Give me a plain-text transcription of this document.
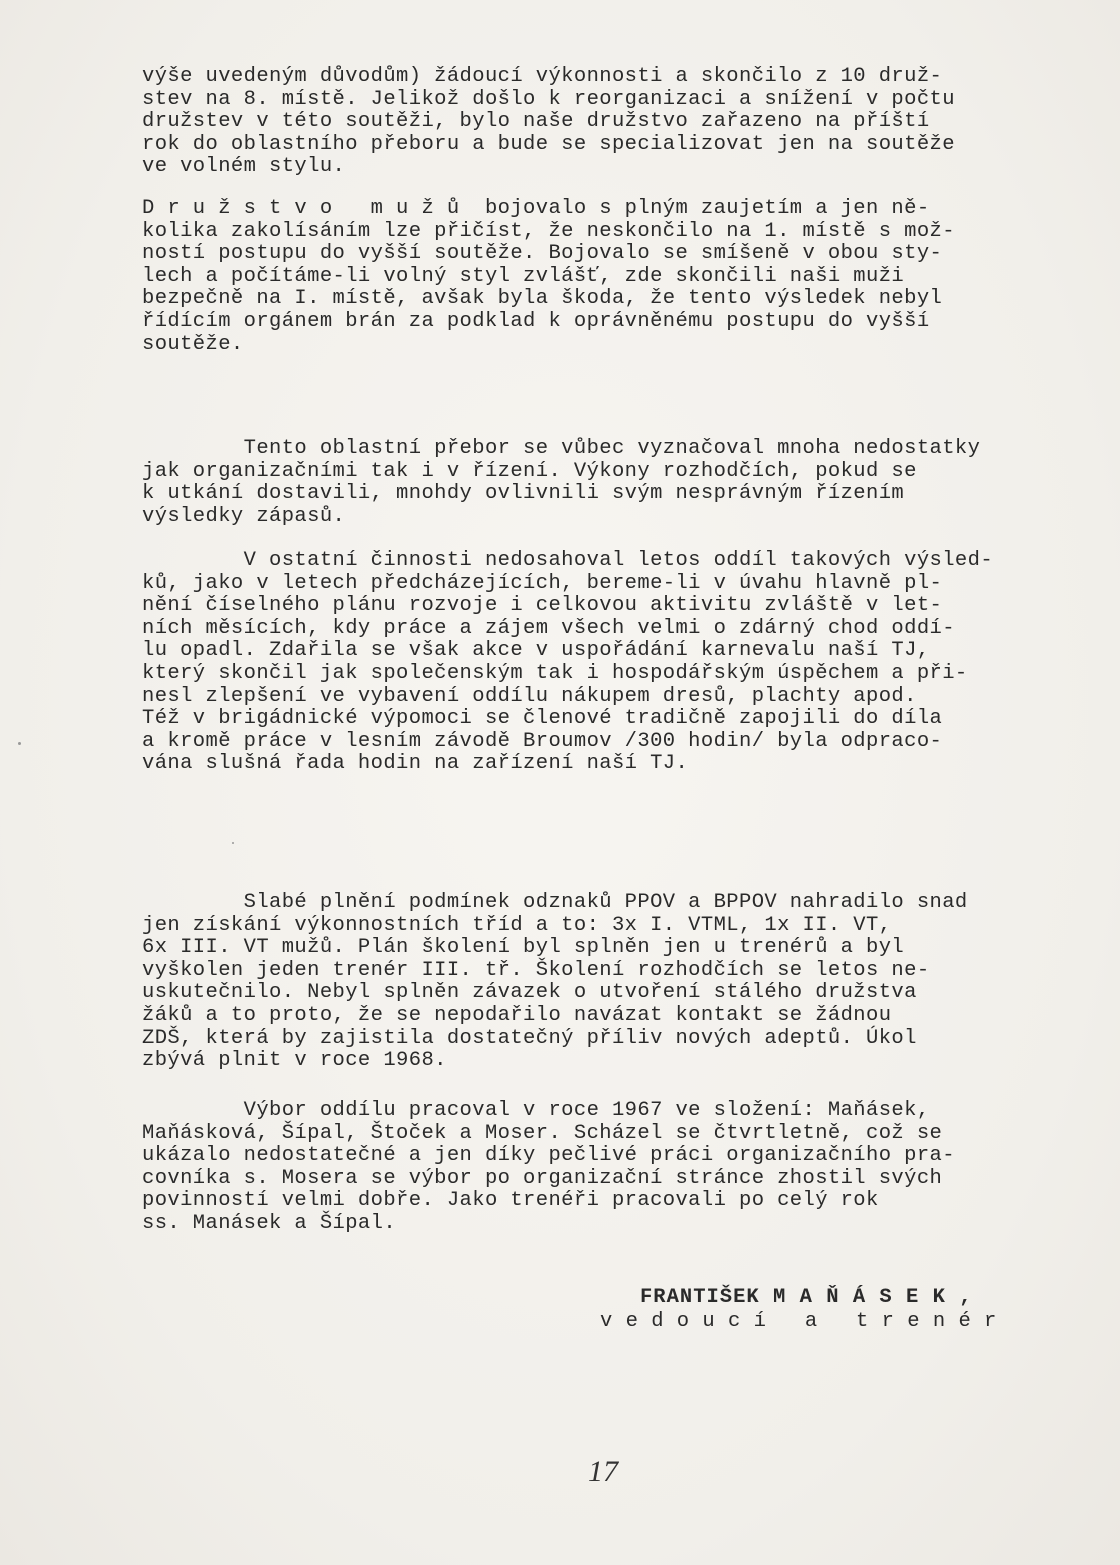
výše uvedeným důvodům) žádoucí výkonnosti a skončilo z 10 druž-
stev na 8. místě. Jelikož došlo k reorganizaci a snížení v počtu
družstev v této soutěži, bylo naše družstvo zařazeno na příští
rok do oblastního přeboru a bude se specializovat jen na soutěže
ve volném stylu.
D r u ž s t v o   m u ž ů  bojovalo s plným zaujetím a jen ně-
kolika zakolísáním lze přičíst, že neskončilo na 1. místě s mož-
ností postupu do vyšší soutěže. Bojovalo se smíšeně v obou sty-
lech a počítáme-li volný styl zvlášť, zde skončili naši muži
bezpečně na I. místě, avšak byla škoda, že tento výsledek nebyl
řídícím orgánem brán za podklad k oprávněnému postupu do vyšší
soutěže.
Tento oblastní přebor se vůbec vyznačoval mnoha nedostatky
jak organizačními tak i v řízení. Výkony rozhodčích, pokud se
k utkání dostavili, mnohdy ovlivnili svým nesprávným řízením
výsledky zápasů.
V ostatní činnosti nedosahoval letos oddíl takových výsled-
ků, jako v letech předcházejících, bereme-li v úvahu hlavně pl-
nění číselného plánu rozvoje i celkovou aktivitu zvláště v let-
ních měsících, kdy práce a zájem všech velmi o zdárný chod oddí-
lu opadl. Zdařila se však akce v uspořádání karnevalu naší TJ,
který skončil jak společenským tak i hospodářským úspěchem a při-
nesl zlepšení ve vybavení oddílu nákupem dresů, plachty apod.
Též v brigádnické výpomoci se členové tradičně zapojili do díla
a kromě práce v lesním závodě Broumov /300 hodin/ byla odpraco-
vána slušná řada hodin na zařízení naší TJ.
Slabé plnění podmínek odznaků PPOV a BPPOV nahradilo snad
jen získání výkonnostních tříd a to: 3x I. VTML, 1x II. VT,
6x III. VT mužů. Plán školení byl splněn jen u trenérů a byl
vyškolen jeden trenér III. tř. Školení rozhodčích se letos ne-
uskutečnilo. Nebyl splněn závazek o utvoření stálého družstva
žáků a to proto, že se nepodařilo navázat kontakt se žádnou
ZDŠ, která by zajistila dostatečný příliv nových adeptů. Úkol
zbývá plnit v roce 1968.
Výbor oddílu pracoval v roce 1967 ve složení: Maňásek,
Maňásková, Šípal, Štoček a Moser. Scházel se čtvrtletně, což se
ukázalo nedostatečné a jen díky pečlivé práci organizačního pra-
covníka s. Mosera se výbor po organizační stránce zhostil svých
povinností velmi dobře. Jako trenéři pracovali po celý rok
ss. Manásek a Šípal.
FRANTIŠEK M A Ň Á S E K ,
v e d o u c í   a   t r e n é r
17
